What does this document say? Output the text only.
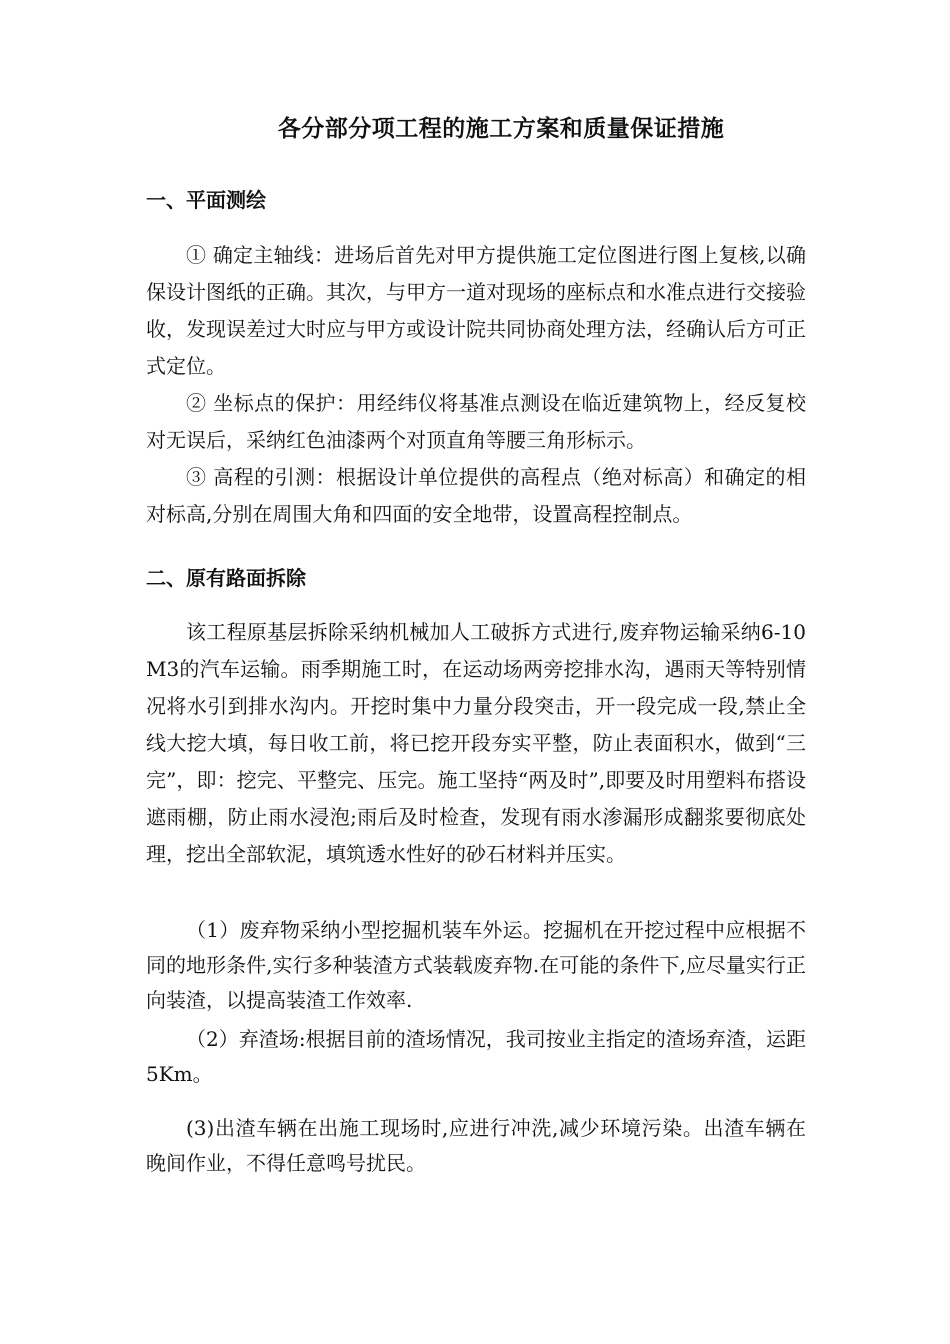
各分部分项工程的施工方案和质量保证措施
一、平面测绘
① 确定主轴线：进场后首先对甲方提供施工定位图进行图上复核,以确保设计图纸的正确。其次，与甲方一道对现场的座标点和水准点进行交接验收，发现误差过大时应与甲方或设计院共同协商处理方法，经确认后方可正式定位。
② 坐标点的保护：用经纬仪将基准点测设在临近建筑物上，经反复校对无误后，采纳红色油漆两个对顶直角等腰三角形标示。
③ 高程的引测：根据设计单位提供的高程点（绝对标高）和确定的相对标高,分别在周围大角和四面的安全地带，设置高程控制点。
二、原有路面拆除
该工程原基层拆除采纳机械加人工破拆方式进行,废弃物运输采纳6-10M3的汽车运输。雨季期施工时，在运动场两旁挖排水沟，遇雨天等特别情况将水引到排水沟内。开挖时集中力量分段突击，开一段完成一段,禁止全线大挖大填，每日收工前，将已挖开段夯实平整，防止表面积水，做到“三完”，即：挖完、平整完、压完。施工坚持“两及时”,即要及时用塑料布搭设遮雨棚，防止雨水浸泡;雨后及时检查，发现有雨水渗漏形成翻浆要彻底处理，挖出全部软泥，填筑透水性好的砂石材料并压实。
（1）废弃物采纳小型挖掘机装车外运。挖掘机在开挖过程中应根据不同的地形条件,实行多种装渣方式装载废弃物.在可能的条件下,应尽量实行正向装渣，以提高装渣工作效率.
（2）弃渣场:根据目前的渣场情况，我司按业主指定的渣场弃渣，运距5Km。
(3)出渣车辆在出施工现场时,应进行冲洗,减少环境污染。出渣车辆在晚间作业，不得任意鸣号扰民。
